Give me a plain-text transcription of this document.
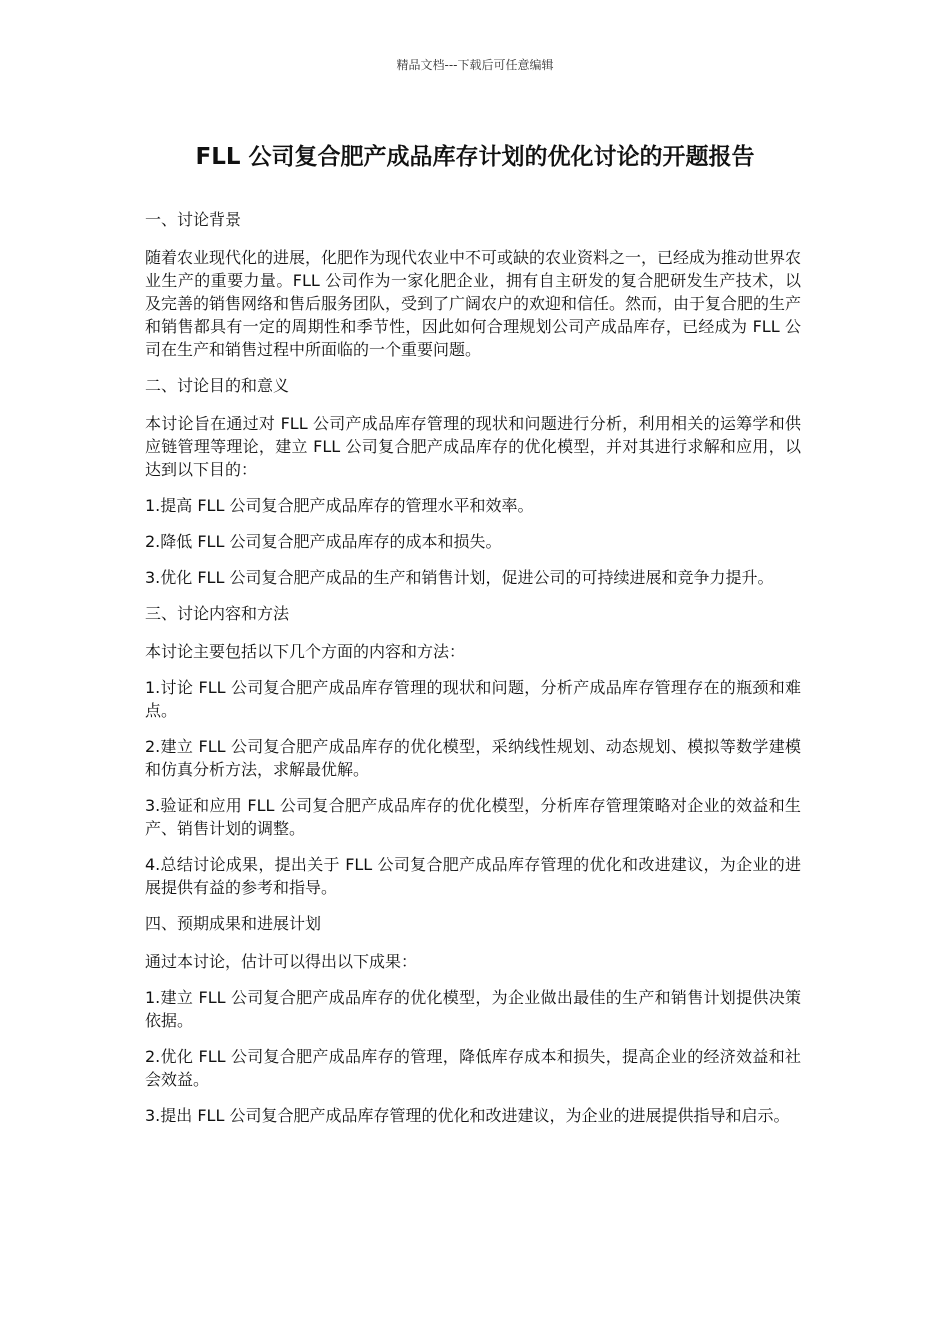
精品文档---下载后可任意编辑
FLL 公司复合肥产成品库存计划的优化讨论的开题报告

一、讨论背景

随着农业现代化的进展，化肥作为现代农业中不可或缺的农业资料之一，已经成为推动世界农业生产的重要力量。FLL 公司作为一家化肥企业，拥有自主研发的复合肥研发生产技术，以及完善的销售网络和售后服务团队，受到了广阔农户的欢迎和信任。然而，由于复合肥的生产和销售都具有一定的周期性和季节性，因此如何合理规划公司产成品库存，已经成为 FLL 公司在生产和销售过程中所面临的一个重要问题。

二、讨论目的和意义

本讨论旨在通过对 FLL 公司产成品库存管理的现状和问题进行分析，利用相关的运筹学和供应链管理等理论，建立 FLL 公司复合肥产成品库存的优化模型，并对其进行求解和应用，以达到以下目的：

1.提高 FLL 公司复合肥产成品库存的管理水平和效率。

2.降低 FLL 公司复合肥产成品库存的成本和损失。

3.优化 FLL 公司复合肥产成品的生产和销售计划，促进公司的可持续进展和竞争力提升。

三、讨论内容和方法

本讨论主要包括以下几个方面的内容和方法：

1.讨论 FLL 公司复合肥产成品库存管理的现状和问题，分析产成品库存管理存在的瓶颈和难点。

2.建立 FLL 公司复合肥产成品库存的优化模型，采纳线性规划、动态规划、模拟等数学建模和仿真分析方法，求解最优解。

3.验证和应用 FLL 公司复合肥产成品库存的优化模型，分析库存管理策略对企业的效益和生产、销售计划的调整。

4.总结讨论成果，提出关于 FLL 公司复合肥产成品库存管理的优化和改进建议，为企业的进展提供有益的参考和指导。

四、预期成果和进展计划

通过本讨论，估计可以得出以下成果：

1.建立 FLL 公司复合肥产成品库存的优化模型，为企业做出最佳的生产和销售计划提供决策依据。

2.优化 FLL 公司复合肥产成品库存的管理，降低库存成本和损失，提高企业的经济效益和社会效益。

3.提出 FLL 公司复合肥产成品库存管理的优化和改进建议，为企业的进展提供指导和启示。
